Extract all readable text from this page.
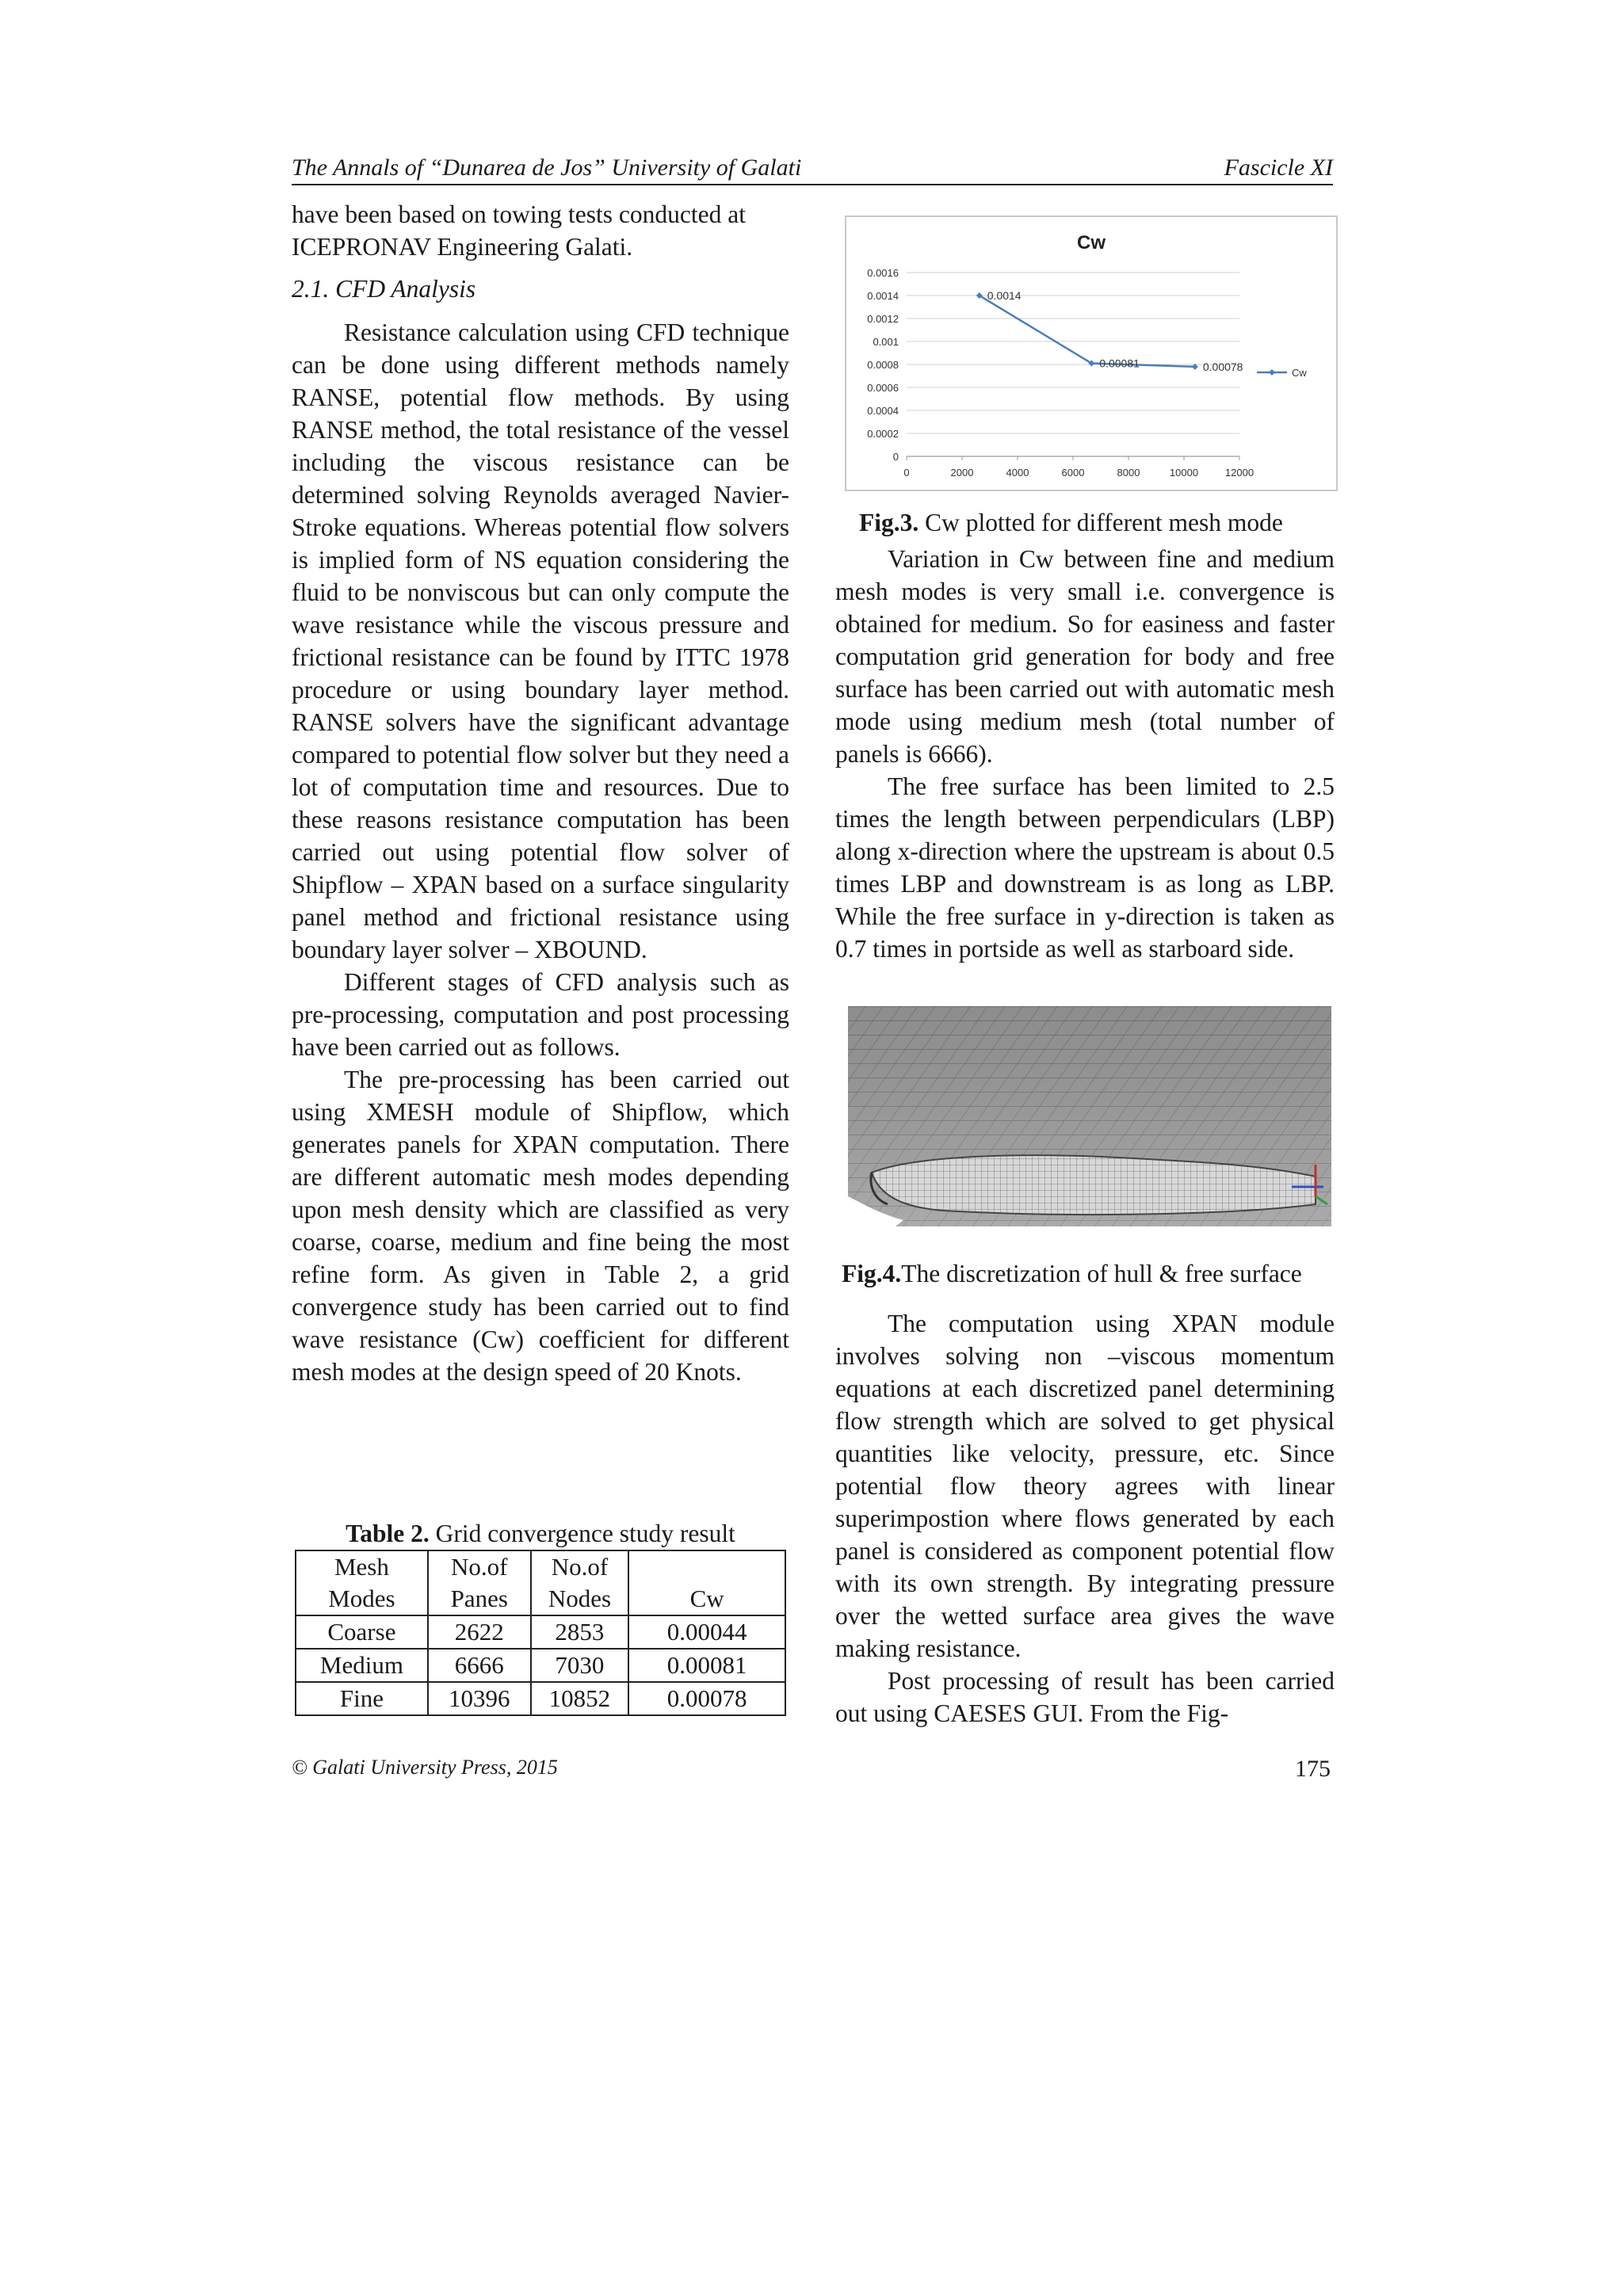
The Annals of “Dunarea de Jos” University of Galati	Fascicle XI

have been based on towing tests conducted at ICEPRONAV Engineering Galati.

2.1. CFD Analysis

Resistance calculation using CFD technique can be done using different methods namely RANSE, potential flow methods. By using RANSE method, the total resistance of the vessel including the viscous resistance can be determined solving Reynolds averaged Navier-Stroke equations. Whereas potential flow solvers is implied form of NS equation considering the fluid to be nonviscous but can only compute the wave resistance while the viscous pressure and frictional resistance can be found by ITTC 1978 procedure or using boundary layer method. RANSE solvers have the significant advantage compared to potential flow solver but they need a lot of computation time and resources. Due to these reasons resistance computation has been carried out using potential flow solver of Shipflow – XPAN based on a surface singularity panel method and frictional resistance using boundary layer solver – XBOUND.

Different stages of CFD analysis such as pre-processing, computation and post processing have been carried out as follows.

The pre-processing has been carried out using XMESH module of Shipflow, which generates panels for XPAN computation. There are different automatic mesh modes depending upon mesh density which are classified as very coarse, coarse, medium and fine being the most refine form. As given in Table 2, a grid convergence study has been carried out to find wave resistance (Cw) coefficient for different mesh modes at the design speed of 20 Knots.

Table 2. Grid convergence study result
Mesh	No.of	No.of	
Modes	Panes	Nodes	Cw
Coarse	2622	2853	0.00044
Medium	6666	7030	0.00081
Fine	10396	10852	0.00078
Cw
0
0.0002
0.0004
0.0006
0.0008
0.001
0.0012
0.0014
0.0016
0	2000	4000	6000	8000	10000	12000
0.0014
0.00081	0.00078	Cw
Fig.3. Cw plotted for different mesh mode

Variation in Cw between fine and medium mesh modes is very small i.e. convergence is obtained for medium. So for easiness and faster computation grid generation for body and free surface has been carried out with automatic mesh mode using medium mesh (total number of panels is 6666).

The free surface has been limited to 2.5 times the length between perpendiculars (LBP) along x-direction where the upstream is about 0.5 times LBP and downstream is as long as LBP. While the free surface in y-direction is taken as 0.7 times in portside as well as starboard side.

Fig.4.The discretization of hull & free surface

The computation using XPAN module involves solving non –viscous momentum equations at each discretized panel determining flow strength which are solved to get physical quantities like velocity, pressure, etc. Since potential flow theory agrees with linear superimpostion where flows generated by each panel is considered as component potential flow with its own strength. By integrating pressure over the wetted surface area gives the wave making resistance.

Post processing of result has been carried out using CAESES GUI. From the Fig-

© Galati University Press, 2015	175
